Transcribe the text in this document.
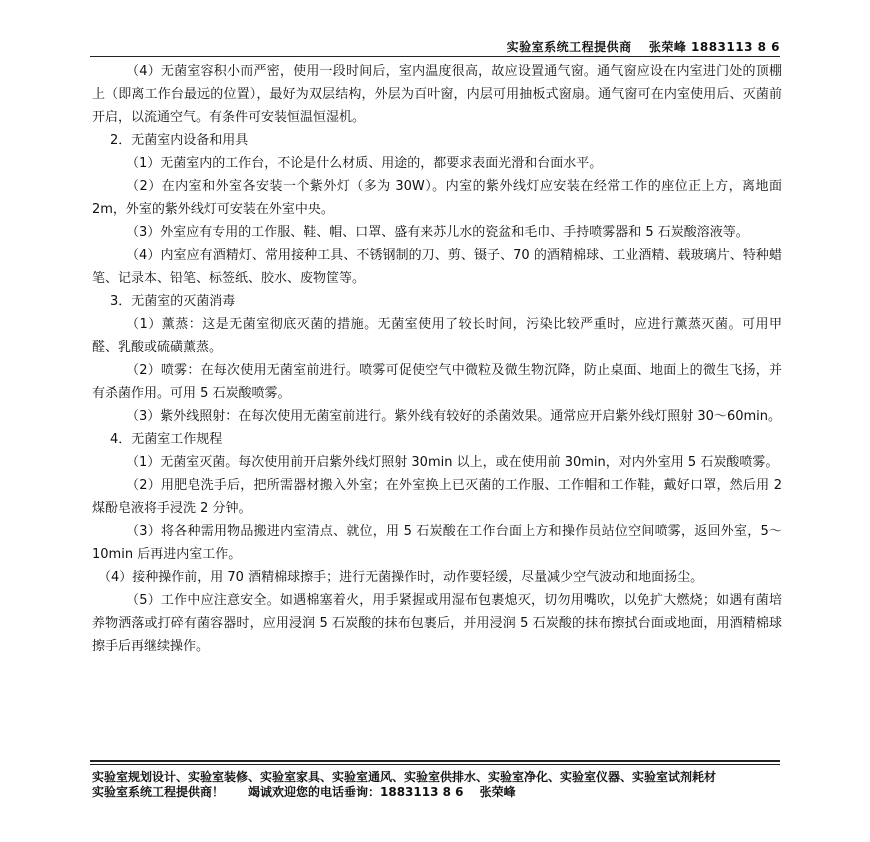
实验室系统工程提供商　 张荣峰 1883113 8 6

（4）无菌室容积小而严密，使用一段时间后，室内温度很高，故应设置通气窗。通气窗应设在内室进门处的顶棚上（即离工作台最远的位置），最好为双层结构，外层为百叶窗，内层可用抽板式窗扇。通气窗可在内室使用后、灭菌前开启，以流通空气。有条件可安装恒温恒湿机。

2．无菌室内设备和用具

（1）无菌室内的工作台，不论是什么材质、用途的，都要求表面光滑和台面水平。

（2）在内室和外室各安装一个紫外灯（多为 30W）。内室的紫外线灯应安装在经常工作的座位正上方，离地面 2m，外室的紫外线灯可安装在外室中央。

（3）外室应有专用的工作服、鞋、帽、口罩、盛有来苏儿水的瓷盆和毛巾、手持喷雾器和 5 石炭酸溶液等。

（4）内室应有酒精灯、常用接种工具、不锈钢制的刀、剪、镊子、70 的酒精棉球、工业酒精、载玻璃片、特种蜡笔、记录本、铅笔、标签纸、胶水、废物筐等。

3．无菌室的灭菌消毒

（1）薰蒸：这是无菌室彻底灭菌的措施。无菌室使用了较长时间，污染比较严重时，应进行薰蒸灭菌。可用甲醛、乳酸或硫磺薰蒸。

（2）喷雾：在每次使用无菌室前进行。喷雾可促使空气中微粒及微生物沉降，防止桌面、地面上的微生飞扬，并有杀菌作用。可用 5 石炭酸喷雾。

（3）紫外线照射：在每次使用无菌室前进行。紫外线有较好的杀菌效果。通常应开启紫外线灯照射 30～60min。

4．无菌室工作规程

（1）无菌室灭菌。每次使用前开启紫外线灯照射 30min 以上，或在使用前 30min，对内外室用 5 石炭酸喷雾。

（2）用肥皂洗手后，把所需器材搬入外室；在外室换上已灭菌的工作服、工作帽和工作鞋，戴好口罩，然后用 2 煤酚皂液将手浸洗 2 分钟。

（3）将各种需用物品搬进内室清点、就位，用 5 石炭酸在工作台面上方和操作员站位空间喷雾，返回外室，5～10min 后再进内室工作。

（4）接种操作前，用 70 酒精棉球擦手；进行无菌操作时，动作要轻缓，尽量减少空气波动和地面扬尘。

（5）工作中应注意安全。如遇棉塞着火，用手紧握或用湿布包裹熄灭，切勿用嘴吹，以免扩大燃烧；如遇有菌培养物洒落或打碎有菌容器时，应用浸润 5 石炭酸的抹布包裹后，并用浸润 5 石炭酸的抹布擦拭台面或地面，用酒精棉球擦手后再继续操作。

实验室规划设计、实验室装修、实验室家具、实验室通风、实验室供排水、实验室净化、实验室仪器、实验室试剂耗材
实验室系统工程提供商！　　竭诚欢迎您的电话垂询：1883113 8 6　 张荣峰
